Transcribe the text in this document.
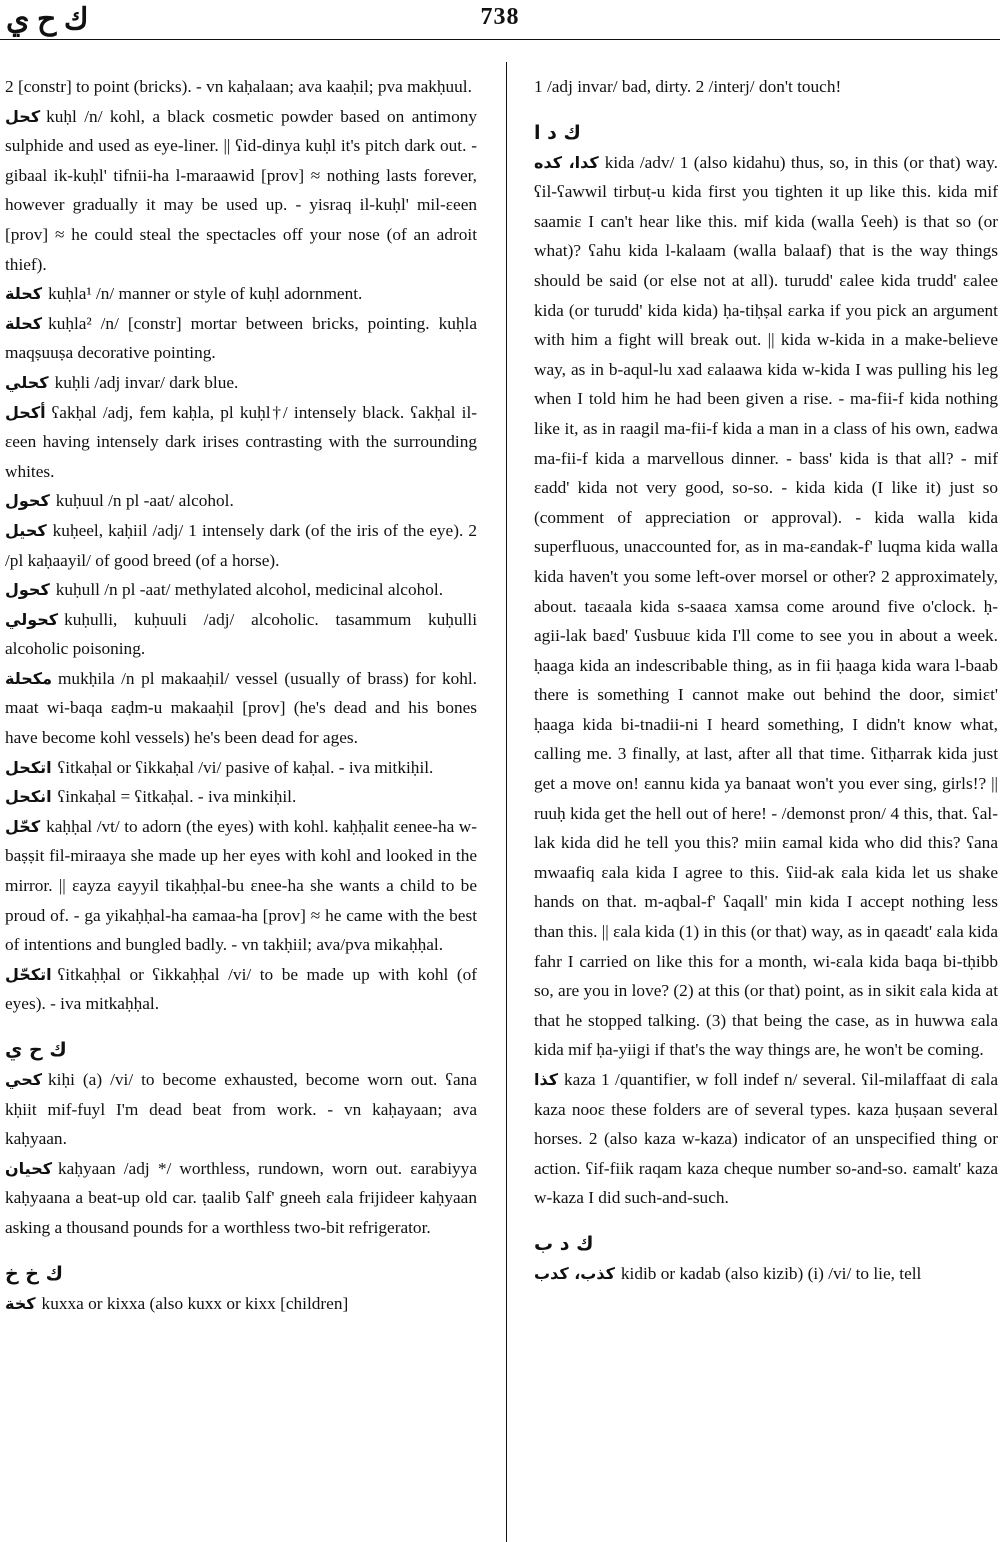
ك ح ي	738

2 [constr] to point (bricks). - vn kaḥalaan; ava kaaḥil; pva makḥuul.

كحل kuḥl /n/ kohl, a black cosmetic powder based on antimony sulphide and used as eye-liner. || ʕid-dinya kuḥl it's pitch dark out. - gibaal ik-kuḥl' tifnii-ha l-maraawid [prov] ≈ nothing lasts forever, however gradually it may be used up. - yisraq il-kuḥl' mil-ɛeen [prov] ≈ he could steal the spectacles off your nose (of an adroit thief).

كحلة kuḥla¹ /n/ manner or style of kuḥl adornment.

كحلة kuḥla² /n/ [constr] mortar between bricks, pointing. kuḥla maqṣuuṣa decorative pointing.

كحلي kuḥli /adj invar/ dark blue.

أكحل ʕakḥal /adj, fem kaḥla, pl kuḥl†/ intensely black. ʕakḥal il-ɛeen having intensely dark irises contrasting with the surrounding whites.

كحول kuḥuul /n pl -aat/ alcohol.

كحيل kuḥeel, kaḥiil /adj/ 1 intensely dark (of the iris of the eye). 2 /pl kaḥaayil/ of good breed (of a horse).

كحول kuḥull /n pl -aat/ methylated alcohol, medicinal alcohol.

كحولي kuḥulli, kuḥuuli /adj/ alcoholic. tasammum kuḥulli alcoholic poisoning.

مكحلة mukḥila /n pl makaaḥil/ vessel (usually of brass) for kohl. maat wi-baqa ɛaḍm-u makaaḥil [prov] (he's dead and his bones have become kohl vessels) he's been dead for ages.

اتكحل ʕitkaḥal or ʕikkaḥal /vi/ pasive of kaḥal. - iva mitkiḥil.

انكحل ʕinkaḥal = ʕitkaḥal. - iva minkiḥil.

كحّل kaḥḥal /vt/ to adorn (the eyes) with kohl. kaḥḥalit ɛenee-ha w-baṣṣit fil-miraaya she made up her eyes with kohl and looked in the mirror. || ɛayza ɛayyil tikaḥḥal-bu ɛnee-ha she wants a child to be proud of. - ga yikaḥḥal-ha ɛamaa-ha [prov] ≈ he came with the best of intentions and bungled badly. - vn takḥiil; ava/pva mikaḥḥal.

اتكحّل ʕitkaḥḥal or ʕikkaḥḥal /vi/ to be made up with kohl (of eyes). - iva mitkaḥḥal.

ك ح ي

كحي kiḥi (a) /vi/ to become exhausted, become worn out. ʕana kḥiit mif-fuyl I'm dead beat from work. - vn kaḥayaan; ava kaḥyaan.

كحيان kaḥyaan /adj */ worthless, rundown, worn out. ɛarabiyya kaḥyaana a beat-up old car. ṭaalib ʕalf' gneeh ɛala frijideer kaḥyaan asking a thousand pounds for a worthless two-bit refrigerator.

ك خ خ

كخة kuxxa or kixxa (also kuxx or kixx [children]

1 /adj invar/ bad, dirty. 2 /interj/ don't touch!

ك د ا

كدا، كده kida /adv/ 1 (also kidahu) thus, so, in this (or that) way. ʕil-ʕawwil tirbuṭ-u kida first you tighten it up like this. kida mif saamiɛ I can't hear like this. mif kida (walla ʕeeh) is that so (or what)? ʕahu kida l-kalaam (walla balaaf) that is the way things should be said (or else not at all). turudd' ɛalee kida trudd' ɛalee kida (or turudd' kida kida) ḥa-tiḥṣal ɛarka if you pick an argument with him a fight will break out. || kida w-kida in a make-believe way, as in b-aqul-lu xad ɛalaawa kida w-kida I was pulling his leg when I told him he had been given a rise. - ma-fii-f kida nothing like it, as in raagil ma-fii-f kida a man in a class of his own, ɛadwa ma-fii-f kida a marvellous dinner. - bass' kida is that all? - mif ɛadd' kida not very good, so-so. - kida kida (I like it) just so (comment of appreciation or approval). - kida walla kida superfluous, unaccounted for, as in ma-ɛandak-f' luqma kida walla kida haven't you some left-over morsel or other? 2 approximately, about. taɛaala kida s-saaɛa xamsa come around five o'clock. ḥ-agii-lak baɛd' ʕusbuuɛ kida I'll come to see you in about a week. ḥaaga kida an indescribable thing, as in fii ḥaaga kida wara l-baab there is something I cannot make out behind the door, simiɛt' ḥaaga kida bi-tnadii-ni I heard something, I didn't know what, calling me. 3 finally, at last, after all that time. ʕitḥarrak kida just get a move on! ɛannu kida ya banaat won't you ever sing, girls!? || ruuḥ kida get the hell out of here! - /demonst pron/ 4 this, that. ʕal-lak kida did he tell you this? miin ɛamal kida who did this? ʕana mwaafiq ɛala kida I agree to this. ʕiid-ak ɛala kida let us shake hands on that. m-aqbal-f' ʕaqall' min kida I accept nothing less than this. || ɛala kida (1) in this (or that) way, as in qaɛadt' ɛala kida fahr I carried on like this for a month, wi-ɛala kida baqa bi-tḥibb so, are you in love? (2) at this (or that) point, as in sikit ɛala kida at that he stopped talking. (3) that being the case, as in huwwa ɛala kida mif ḥa-yiigi if that's the way things are, he won't be coming.

كذا kaza 1 /quantifier, w foll indef n/ several. ʕil-milaffaat di ɛala kaza nooɛ these folders are of several types. kaza ḥuṣaan several horses. 2 (also kaza w-kaza) indicator of an unspecified thing or action. ʕif-fiik raqam kaza cheque number so-and-so. ɛamalt' kaza w-kaza I did such-and-such.

ك د ب

كذب، كدب kidib or kadab (also kizib) (i) /vi/ to lie, tell
